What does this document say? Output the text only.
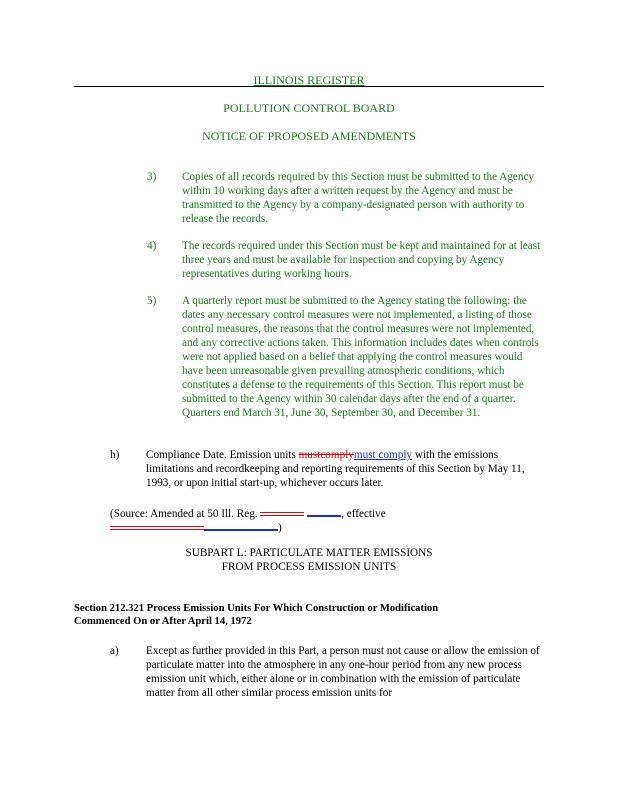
ILLINOIS REGISTER
POLLUTION CONTROL BOARD
NOTICE OF PROPOSED AMENDMENTS
3) Copies of all records required by this Section must be submitted to the Agency within 10 working days after a written request by the Agency and must be transmitted to the Agency by a company-designated person with authority to release the records.
4) The records required under this Section must be kept and maintained for at least three years and must be available for inspection and copying by Agency representatives during working hours.
5) A quarterly report must be submitted to the Agency stating the following: the dates any necessary control measures were not implemented, a listing of those control measures, the reasons that the control measures were not implemented, and any corrective actions taken. This information includes dates when controls were not applied based on a belief that applying the control measures would have been unreasonable given prevailing atmospheric conditions, which constitutes a defense to the requirements of this Section. This report must be submitted to the Agency within 30 calendar days after the end of a quarter. Quarters end March 31, June 30, September 30, and December 31.
h) Compliance Date. Emission units mustcomplymust comply with the emissions limitations and recordkeeping and reporting requirements of this Section by May 11, 1993, or upon initial start-up, whichever occurs later.
(Source: Amended at 50 Ill. Reg.	, effective
)
SUBPART L: PARTICULATE MATTER EMISSIONS
FROM PROCESS EMISSION UNITS
Section 212.321 Process Emission Units For Which Construction or Modification
Commenced On or After April 14, 1972
a) Except as further provided in this Part, a person must not cause or allow the emission of particulate matter into the atmosphere in any one-hour period from any new process emission unit which, either alone or in combination with the emission of particulate matter from all other similar process emission units for
